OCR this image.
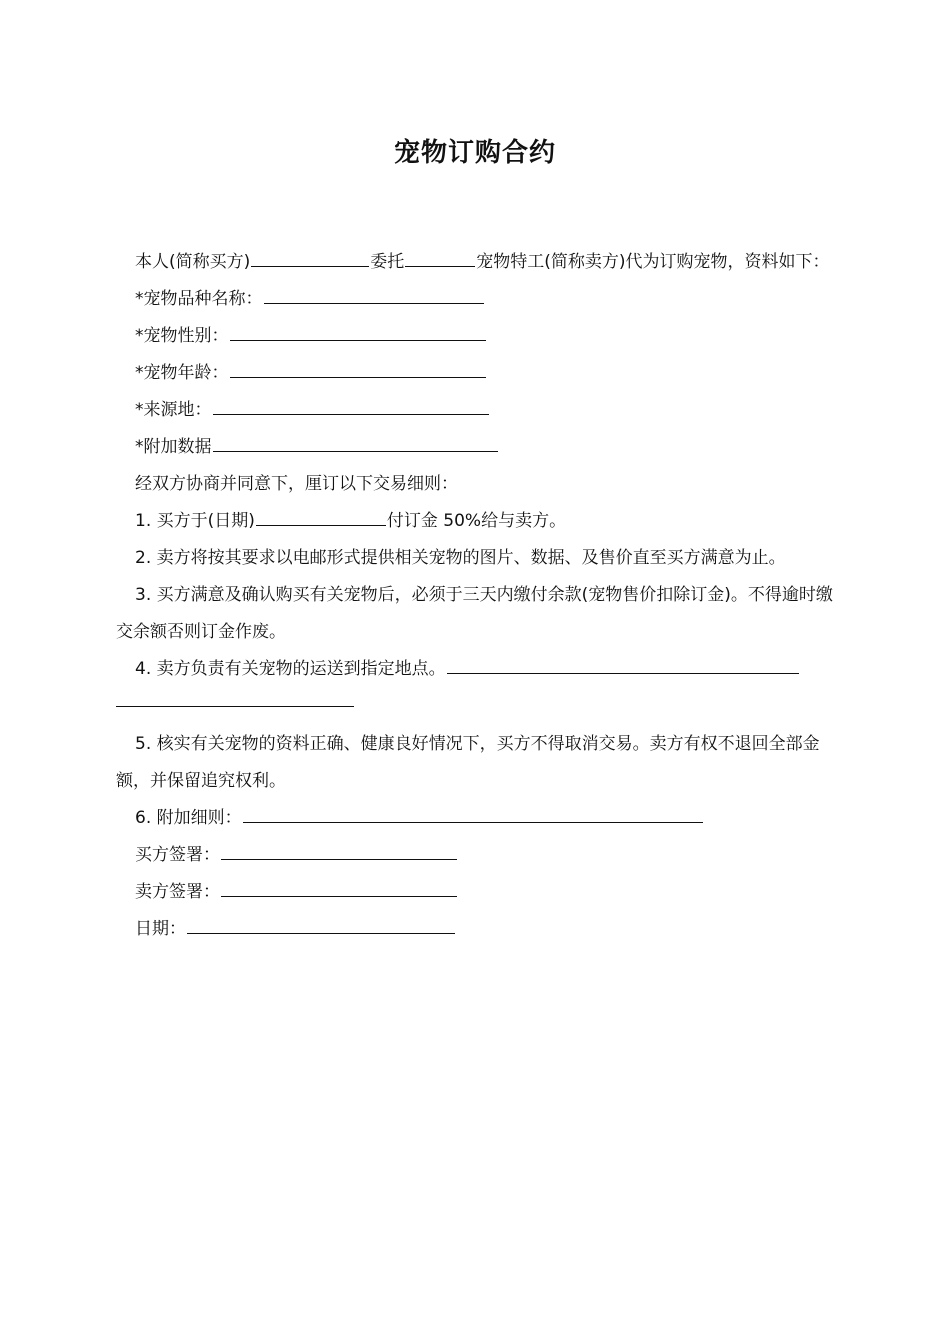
宠物订购合约

本人(简称买方)	委托	宠物特工(简称卖方)代为订购宠物，资料如下：

*宠物品种名称：

*宠物性别：

*宠物年龄：

*来源地：

*附加数据

经双方协商并同意下，厘订以下交易细则：

1. 买方于(日期)	付订金 50%给与卖方。

2. 卖方将按其要求以电邮形式提供相关宠物的图片、数据、及售价直至买方满意为止。

3. 买方满意及确认购买有关宠物后，必须于三天内缴付余款(宠物售价扣除订金)。不得逾时缴交余额否则订金作废。

4. 卖方负责有关宠物的运送到指定地点。

5. 核实有关宠物的资料正确、健康良好情况下，买方不得取消交易。卖方有权不退回全部金额，并保留追究权利。

6. 附加细则：

买方签署：

卖方签署：

日期：
